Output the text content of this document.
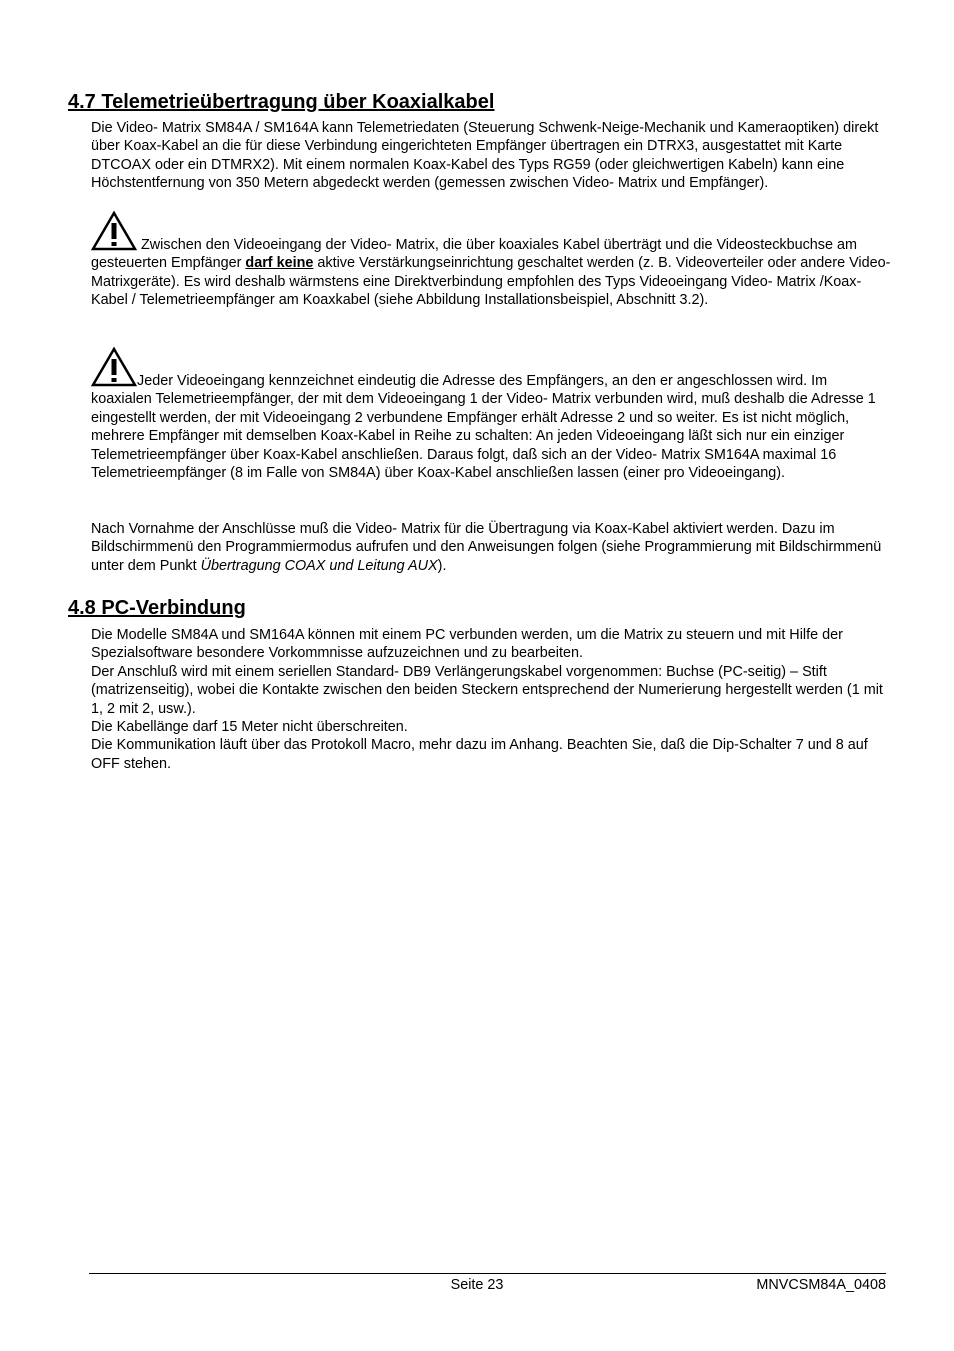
4.7 Telemetrieübertragung über Koaxialkabel

Die Video- Matrix SM84A / SM164A kann Telemetriedaten (Steuerung Schwenk-Neige-Mechanik und Kameraoptiken) direkt über Koax-Kabel an die für diese Verbindung eingerichteten Empfänger übertragen ein DTRX3, ausgestattet mit Karte DTCOAX oder ein DTMRX2). Mit einem normalen Koax-Kabel des Typs RG59 (oder gleichwertigen Kabeln) kann eine Höchstentfernung von 350 Metern abgedeckt werden (gemessen zwischen Video- Matrix und Empfänger).

Zwischen den Videoeingang der Video- Matrix, die über koaxiales Kabel überträgt und die Videosteckbuchse am gesteuerten Empfänger darf keine aktive Verstärkungseinrichtung geschaltet werden (z. B. Videoverteiler oder andere Video- Matrixgeräte). Es wird deshalb wärmstens eine Direktverbindung empfohlen des Typs Videoeingang Video- Matrix /Koax-Kabel / Telemetrieempfänger am Koaxkabel (siehe Abbildung Installationsbeispiel, Abschnitt 3.2).

Jeder Videoeingang kennzeichnet eindeutig die Adresse des Empfängers, an den er angeschlossen wird. Im koaxialen Telemetrieempfänger, der mit dem Videoeingang 1 der Video- Matrix verbunden wird, muß deshalb die Adresse 1 eingestellt werden, der mit Videoeingang 2 verbundene Empfänger erhält Adresse 2 und so weiter. Es ist nicht möglich, mehrere Empfänger mit demselben Koax-Kabel in Reihe zu schalten: An jeden Videoeingang läßt sich nur ein einziger Telemetrieempfänger über Koax-Kabel anschließen. Daraus folgt, daß sich an der Video- Matrix SM164A maximal 16 Telemetrieempfänger (8 im Falle von SM84A) über Koax-Kabel anschließen lassen (einer pro Videoeingang).

Nach Vornahme der Anschlüsse muß die Video- Matrix für die Übertragung via Koax-Kabel aktiviert werden. Dazu im Bildschirmmenü den Programmiermodus aufrufen und den Anweisungen folgen (siehe Programmierung mit Bildschirmmenü unter dem Punkt Übertragung COAX und Leitung AUX).

4.8 PC-Verbindung
Die Modelle SM84A und SM164A können mit einem PC verbunden werden, um die Matrix zu steuern und mit Hilfe der Spezialsoftware besondere Vorkommnisse aufzuzeichnen und zu bearbeiten.
Der Anschluß wird mit einem seriellen Standard- DB9 Verlängerungskabel vorgenommen: Buchse (PC-seitig) – Stift (matrizenseitig), wobei die Kontakte zwischen den beiden Steckern entsprechend der Numerierung hergestellt werden (1 mit 1, 2 mit 2, usw.).
Die Kabellänge darf 15 Meter nicht überschreiten.
Die Kommunikation läuft über das Protokoll Macro, mehr dazu im Anhang. Beachten Sie, daß die Dip-Schalter 7 und 8 auf OFF stehen.
Seite 23	MNVCSM84A_0408
